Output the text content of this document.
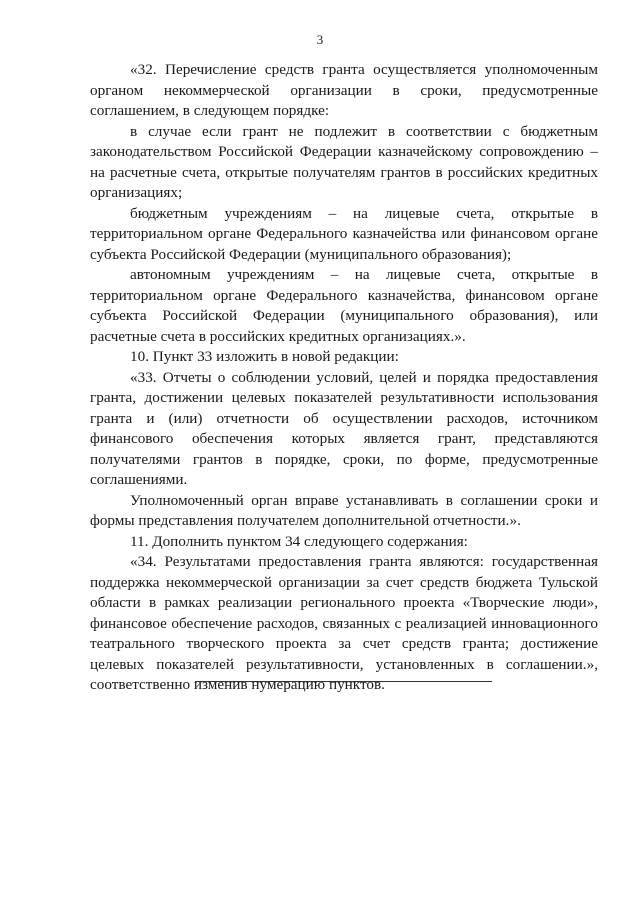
3

«32. Перечисление средств гранта осуществляется уполномоченным органом некоммерческой организации в сроки, предусмотренные соглашением, в следующем порядке:

в случае если грант не подлежит в соответствии с бюджетным законодательством Российской Федерации казначейскому сопровождению – на расчетные счета, открытые получателям грантов в российских кредитных организациях;

бюджетным учреждениям – на лицевые счета, открытые в территориальном органе Федерального казначейства или финансовом органе субъекта Российской Федерации (муниципального образования);

автономным учреждениям – на лицевые счета, открытые в территориальном органе Федерального казначейства, финансовом органе субъекта Российской Федерации (муниципального образования), или расчетные счета в российских кредитных организациях.».

10. Пункт 33 изложить в новой редакции:

«33. Отчеты о соблюдении условий, целей и порядка предоставления гранта, достижении целевых показателей результативности использования гранта и (или) отчетности об осуществлении расходов, источником финансового обеспечения которых является грант, представляются получателями грантов в порядке, сроки, по форме, предусмотренные соглашениями.

Уполномоченный орган вправе устанавливать в соглашении сроки и формы представления получателем дополнительной отчетности.».

11. Дополнить пунктом 34 следующего содержания:

«34. Результатами предоставления гранта являются: государственная поддержка некоммерческой организации за счет средств бюджета Тульской области в рамках реализации регионального проекта «Творческие люди», финансовое обеспечение расходов, связанных с реализацией инновационного театрального творческого проекта за счет средств гранта; достижение целевых показателей результативности, установленных в соглашении.», соответственно изменив нумерацию пунктов.
